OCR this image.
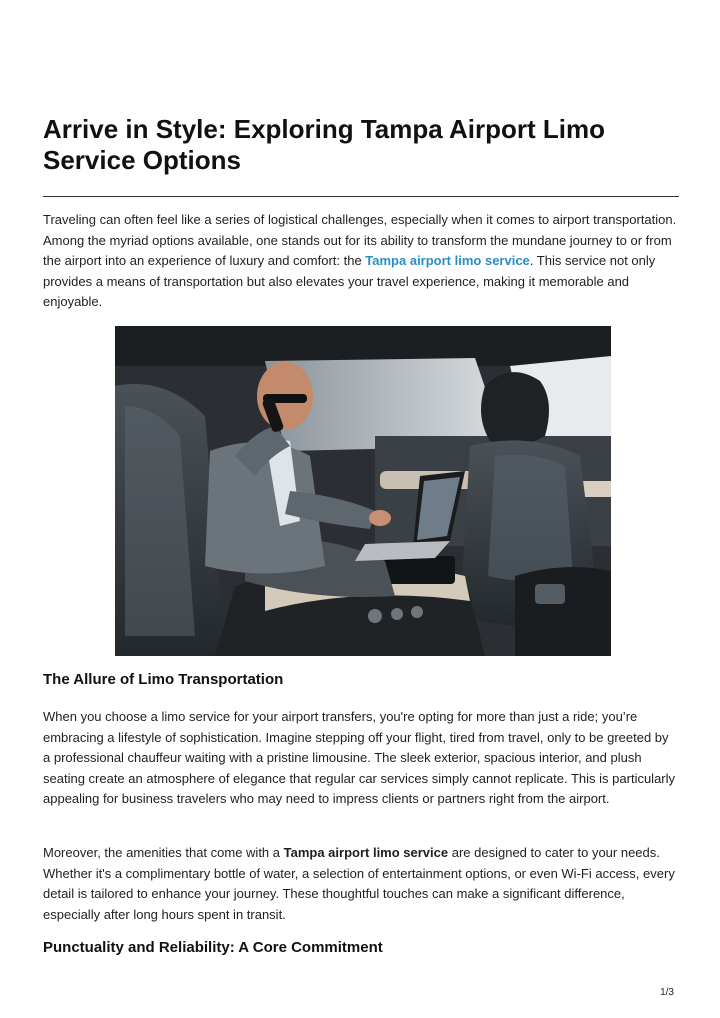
Arrive in Style: Exploring Tampa Airport Limo Service Options

Traveling can often feel like a series of logistical challenges, especially when it comes to airport transportation. Among the myriad options available, one stands out for its ability to transform the mundane journey to or from the airport into an experience of luxury and comfort: the Tampa airport limo service. This service not only provides a means of transportation but also elevates your travel experience, making it memorable and enjoyable.

The Allure of Limo Transportation

When you choose a limo service for your airport transfers, you're opting for more than just a ride; you’re embracing a lifestyle of sophistication. Imagine stepping off your flight, tired from travel, only to be greeted by a professional chauffeur waiting with a pristine limousine. The sleek exterior, spacious interior, and plush seating create an atmosphere of elegance that regular car services simply cannot replicate. This is particularly appealing for business travelers who may need to impress clients or partners right from the airport.

Moreover, the amenities that come with a Tampa airport limo service are designed to cater to your needs. Whether it's a complimentary bottle of water, a selection of entertainment options, or even Wi-Fi access, every detail is tailored to enhance your journey. These thoughtful touches can make a significant difference, especially after long hours spent in transit.

Punctuality and Reliability: A Core Commitment
1/3
